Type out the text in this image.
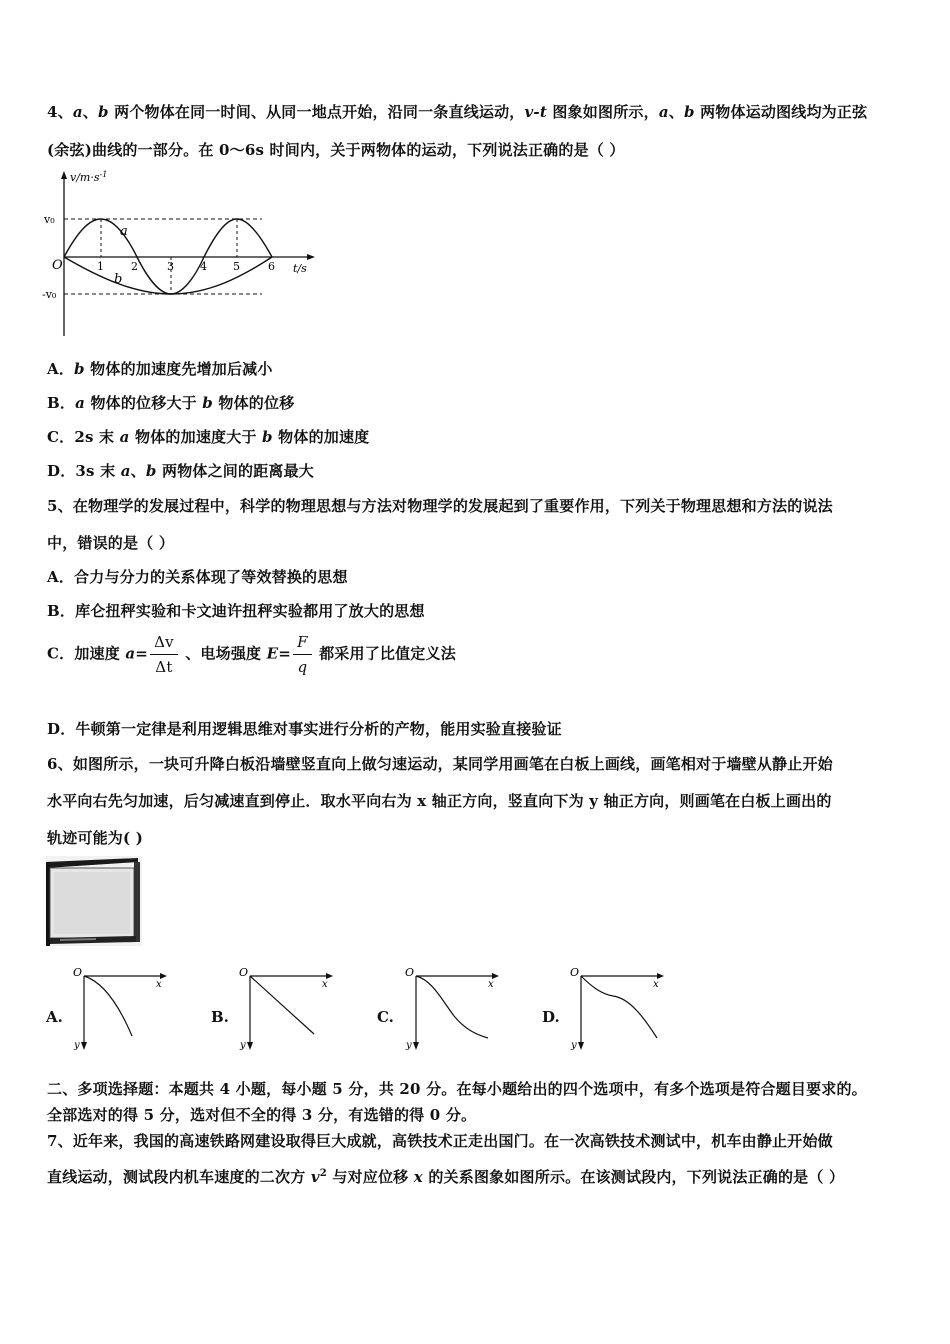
4、a、b 两个物体在同一时间、从同一地点开始，沿同一条直线运动，v-t 图象如图所示，a、b 两物体运动图线均为正弦
(余弦)曲线的一部分。在 0～6s 时间内，关于两物体的运动，下列说法正确的是（ ）
$v/m\cdot s^{-1}$
v₀
-v₀
O
a
b
t/s
1 2	3 4 5	6
A．b 物体的加速度先增加后减小
B．a 物体的位移大于 b 物体的位移
C．2s 末 a 物体的加速度大于 b 物体的加速度
D．3s 末 a、b 两物体之间的距离最大
5、在物理学的发展过程中，科学的物理思想与方法对物理学的发展起到了重要作用，下列关于物理思想和方法的说法
中，错误的是（ ）
A．合力与分力的关系体现了等效替换的思想
B．库仑扭秤实验和卡文迪许扭秤实验都用了放大的思想
C．加速度 $a= \frac{\Delta v}{\Delta t}$ 、电场强度 $E= \frac{F}{q}$ 都采用了比值定义法
D．牛顿第一定律是利用逻辑思维对事实进行分析的产物，能用实验直接验证
6、如图所示，一块可升降白板沿墙壁竖直向上做匀速运动，某同学用画笔在白板上画线，画笔相对于墙壁从静止开始
水平向右先匀加速，后匀减速直到停止．取水平向右为 x 轴正方向，竖直向下为 y 轴正方向，则画笔在白板上画出的
轨迹可能为( )
A.
O
x
y
B.
O
x
y
C.
O
x
y
D.
O
x
y
二、多项选择题：本题共 4 小题，每小题 5 分，共 20 分。在每小题给出的四个选项中，有多个选项是符合题目要求的。
全部选对的得 5 分，选对但不全的得 3 分，有选错的得 0 分。
7、近年来，我国的高速铁路网建设取得巨大成就，高铁技术正走出国门。在一次高铁技术测试中，机车由静止开始做
直线运动，测试段内机车速度的二次方 $v^2$ 与对应位移 x 的关系图象如图所示。在该测试段内，下列说法正确的是（ ）
